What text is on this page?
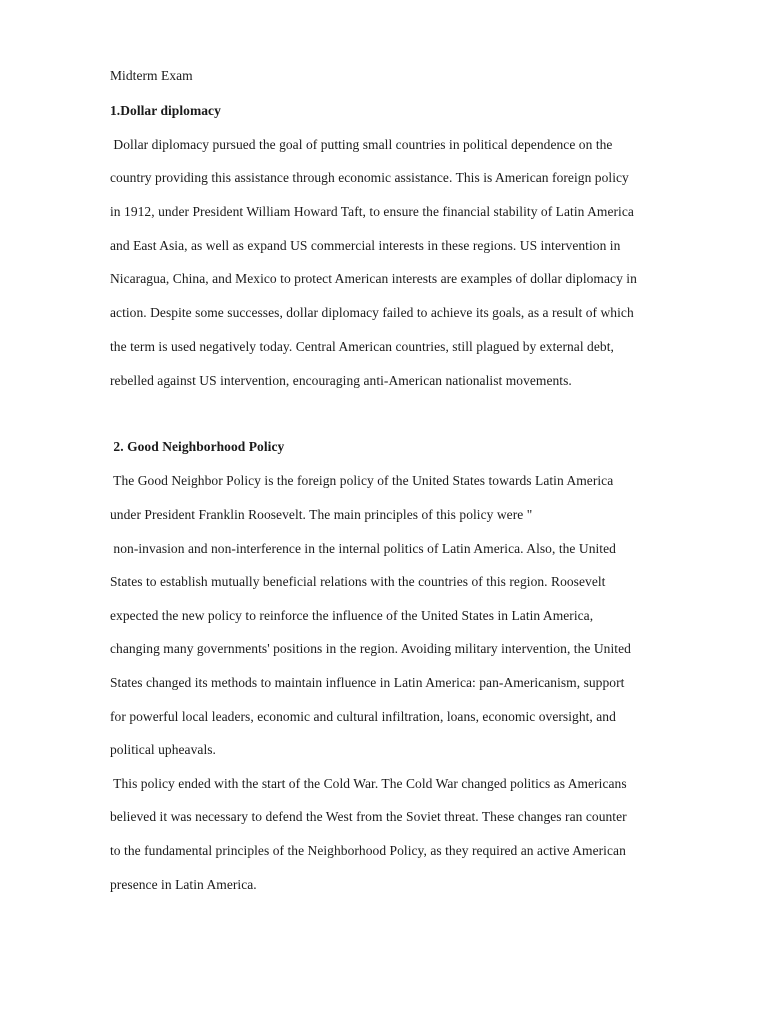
Midterm Exam
1.Dollar diplomacy
Dollar diplomacy pursued the goal of putting small countries in political dependence on the
country providing this assistance through economic assistance. This is American foreign policy
in 1912, under President William Howard Taft, to ensure the financial stability of Latin America
and East Asia, as well as expand US commercial interests in these regions. US intervention in
Nicaragua, China, and Mexico to protect American interests are examples of dollar diplomacy in
action. Despite some successes, dollar diplomacy failed to achieve its goals, as a result of which
the term is used negatively today. Central American countries, still plagued by external debt,
rebelled against US intervention, encouraging anti-American nationalist movements.
2. Good Neighborhood Policy
The Good Neighbor Policy is the foreign policy of the United States towards Latin America
under President Franklin Roosevelt. The main principles of this policy were "
non-invasion and non-interference in the internal politics of Latin America. Also, the United
States to establish mutually beneficial relations with the countries of this region. Roosevelt
expected the new policy to reinforce the influence of the United States in Latin America,
changing many governments' positions in the region. Avoiding military intervention, the United
States changed its methods to maintain influence in Latin America: pan-Americanism, support
for powerful local leaders, economic and cultural infiltration, loans, economic oversight, and
political upheavals.
This policy ended with the start of the Cold War. The Cold War changed politics as Americans
believed it was necessary to defend the West from the Soviet threat. These changes ran counter
to the fundamental principles of the Neighborhood Policy, as they required an active American
presence in Latin America.
